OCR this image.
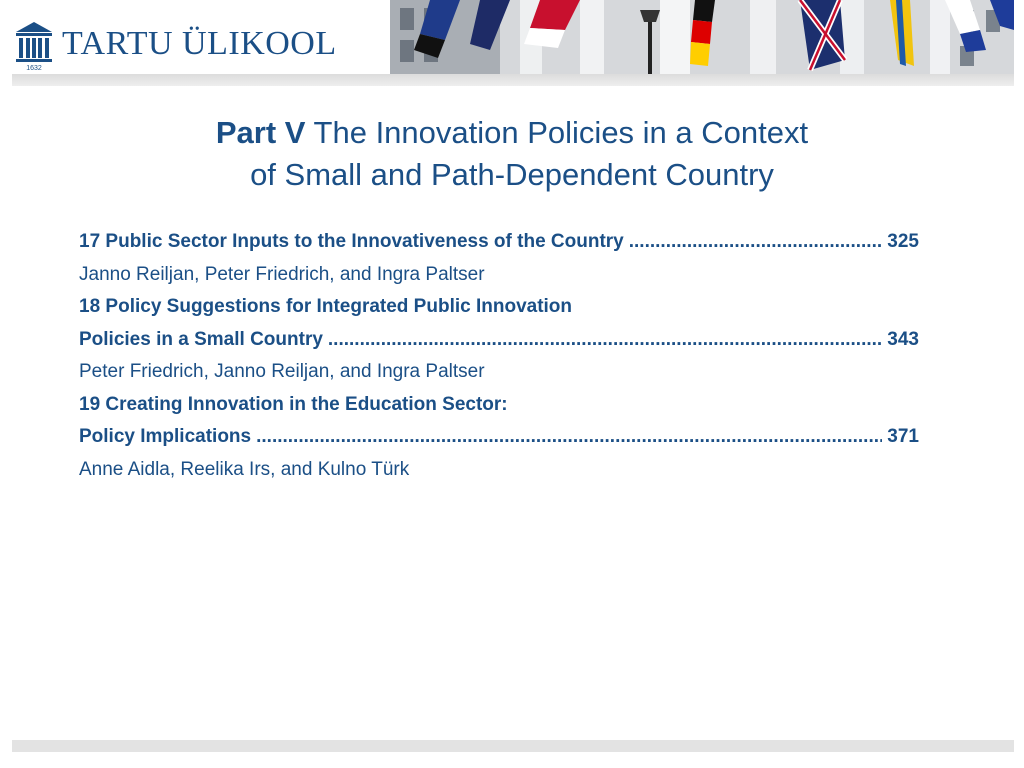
1632
TARTU ÜLIKOOL
Part V The Innovation Policies in a Context
of Small and Path-Dependent Country
17 Public Sector Inputs to the Innovativeness of the Country .....	325
Janno Reiljan, Peter Friedrich, and Ingra Paltser
18 Policy Suggestions for Integrated Public Innovation
Policies in a Small Country .....	343
Peter Friedrich, Janno Reiljan, and Ingra Paltser
19 Creating Innovation in the Education Sector:
Policy Implications .....	371
Anne Aidla, Reelika Irs, and Kulno Türk
